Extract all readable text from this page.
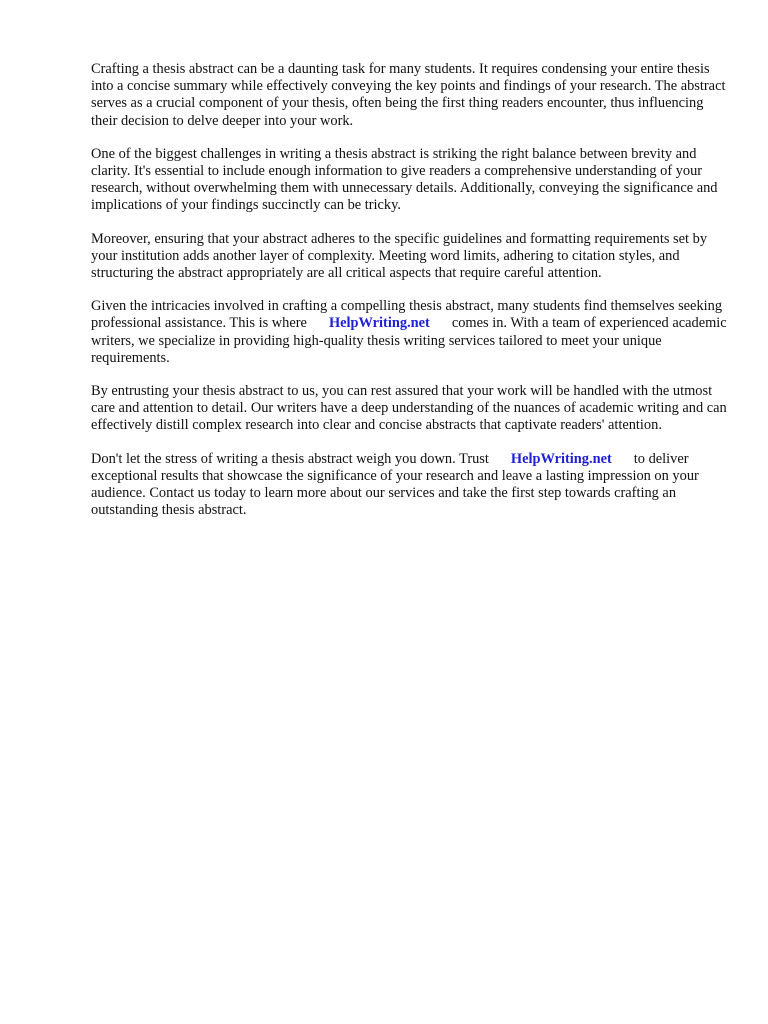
Crafting a thesis abstract can be a daunting task for many students. It requires condensing your entire thesis into a concise summary while effectively conveying the key points and findings of your research. The abstract serves as a crucial component of your thesis, often being the first thing readers encounter, thus influencing their decision to delve deeper into your work.

One of the biggest challenges in writing a thesis abstract is striking the right balance between brevity and clarity. It's essential to include enough information to give readers a comprehensive understanding of your research, without overwhelming them with unnecessary details. Additionally, conveying the significance and implications of your findings succinctly can be tricky.

Moreover, ensuring that your abstract adheres to the specific guidelines and formatting requirements set by your institution adds another layer of complexity. Meeting word limits, adhering to citation styles, and structuring the abstract appropriately are all critical aspects that require careful attention.

Given the intricacies involved in crafting a compelling thesis abstract, many students find themselves seeking professional assistance. This is where HelpWriting.net comes in. With a team of experienced academic writers, we specialize in providing high-quality thesis writing services tailored to meet your unique requirements.

By entrusting your thesis abstract to us, you can rest assured that your work will be handled with the utmost care and attention to detail. Our writers have a deep understanding of the nuances of academic writing and can effectively distill complex research into clear and concise abstracts that captivate readers' attention.

Don't let the stress of writing a thesis abstract weigh you down. Trust HelpWriting.net to deliver exceptional results that showcase the significance of your research and leave a lasting impression on your audience. Contact us today to learn more about our services and take the first step towards crafting an outstanding thesis abstract.
